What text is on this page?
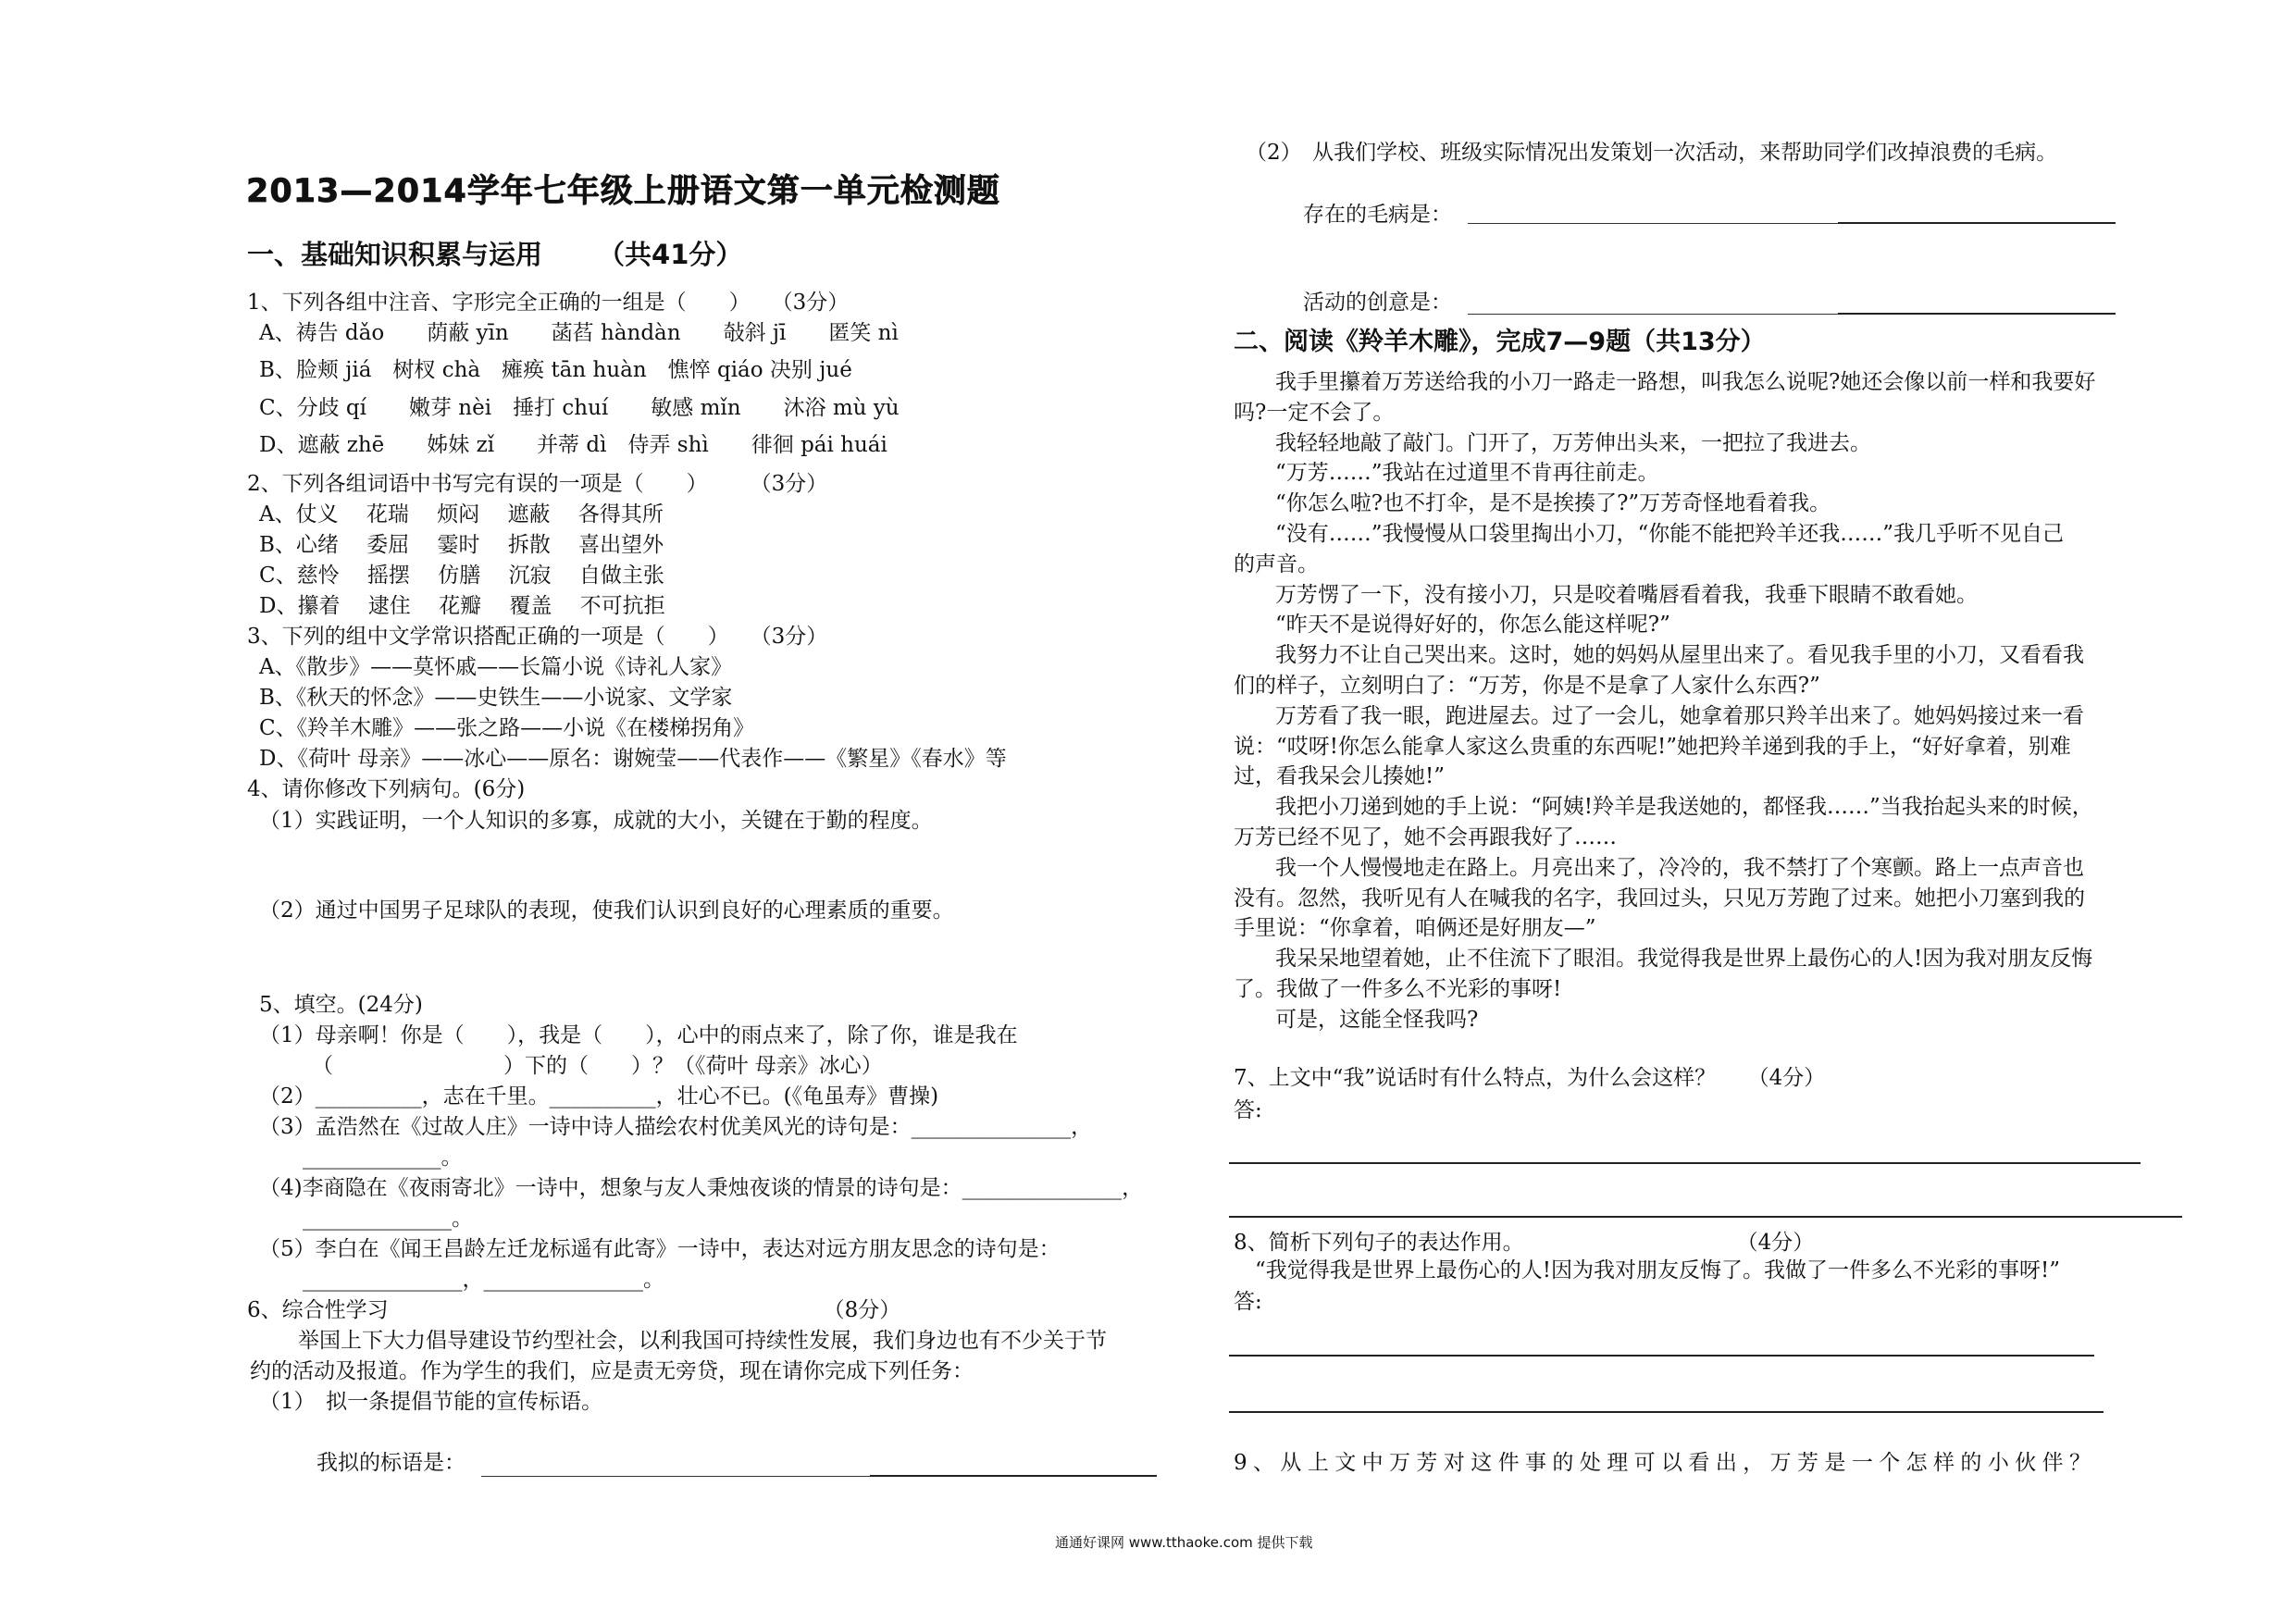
2013—2014学年七年级上册语文第一单元检测题
一、基础知识积累与运用 （共41分）
1、下列各组中注音、字形完全正确的一组是（　　）　　（3分）
A、祷告 dǎo　　荫蔽 yīn　　菡萏 hàndàn　　敧斜 jī　　匿笑 nì
B、脸颊 jiá　树杈 chà　瘫痪 tān huàn　憔悴 qiáo 决别 jué
C、分歧 qí　　嫩芽 nèi　捶打 chuí　　敏感 mǐn　　沐浴 mù yù
D、遮蔽 zhē　　姊妹 zǐ　　并蒂 dì　侍弄 shì　　徘徊 pái huái
2、下列各组词语中书写完有误的一项是（　　）　　　（3分）
A、仗义　 花瑞　 烦闷　 遮蔽　 各得其所
B、心绪　 委屈　 霎时　 拆散　 喜出望外
C、慈怜　 摇摆　 仿膳　 沉寂　 自做主张
D、攥着　 逮住　 花瓣　 覆盖　 不可抗拒
3、下列的组中文学常识搭配正确的一项是（　　）　　（3分）
A、《散步》——莫怀戚——长篇小说《诗礼人家》
B、《秋天的怀念》——史铁生——小说家、文学家
C、《羚羊木雕》——张之路——小说《在楼梯拐角》
D、《荷叶 母亲》——冰心——原名：谢婉莹——代表作——《繁星》《春水》等
4、请你修改下列病句。(6分)
（1）实践证明，一个人知识的多寡，成就的大小，关键在于勤的程度。
（2）通过中国男子足球队的表现，使我们认识到良好的心理素质的重要。
5、填空。(24分)
（1）母亲啊！你是（　　），我是（　　），心中的雨点来了，除了你，谁是我在
（　　　　　　　　）下的（　　）？（《荷叶 母亲》冰心）
（2）__________，志在千里。__________，壮心不已。(《龟虽寿》曹操)
（3）孟浩然在《过故人庄》一诗中诗人描绘农村优美风光的诗句是：_______________，
_____________。
（4)李商隐在《夜雨寄北》一诗中，想象与友人秉烛夜谈的情景的诗句是：_______________，
______________。
（5）李白在《闻王昌龄左迁龙标遥有此寄》一诗中，表达对远方朋友思念的诗句是：
_______________，_______________。
6、综合性学习	（8分）
举国上下大力倡导建设节约型社会，以利我国可持续性发展，我们身边也有不少关于节
约的活动及报道。作为学生的我们，应是责无旁贷，现在请你完成下列任务：
（1）　拟一条提倡节能的宣传标语。
我拟的标语是：
（2）　从我们学校、班级实际情况出发策划一次活动，来帮助同学们改掉浪费的毛病。
存在的毛病是：
活动的创意是：
二、阅读《羚羊木雕》，完成7—9题（共13分）
我手里攥着万芳送给我的小刀一路走一路想，叫我怎么说呢?她还会像以前一样和我要好
吗?一定不会了。
我轻轻地敲了敲门。门开了，万芳伸出头来，一把拉了我进去。
“万芳……”我站在过道里不肯再往前走。
“你怎么啦?也不打伞，是不是挨揍了?”万芳奇怪地看着我。
“没有……”我慢慢从口袋里掏出小刀，“你能不能把羚羊还我……”我几乎听不见自己
的声音。
万芳愣了一下，没有接小刀，只是咬着嘴唇看着我，我垂下眼睛不敢看她。
“昨天不是说得好好的，你怎么能这样呢?”
我努力不让自己哭出来。这时，她的妈妈从屋里出来了。看见我手里的小刀，又看看我
们的样子，立刻明白了：“万芳，你是不是拿了人家什么东西?”
万芳看了我一眼，跑进屋去。过了一会儿，她拿着那只羚羊出来了。她妈妈接过来一看
说：“哎呀!你怎么能拿人家这么贵重的东西呢!”她把羚羊递到我的手上，“好好拿着，别难
过，看我呆会儿揍她!”
我把小刀递到她的手上说：“阿姨!羚羊是我送她的，都怪我……”当我抬起头来的时候，
万芳已经不见了，她不会再跟我好了……
我一个人慢慢地走在路上。月亮出来了，冷冷的，我不禁打了个寒颤。路上一点声音也
没有。忽然，我听见有人在喊我的名字，我回过头，只见万芳跑了过来。她把小刀塞到我的
手里说：“你拿着，咱俩还是好朋友—”
我呆呆地望着她，止不住流下了眼泪。我觉得我是世界上最伤心的人!因为我对朋友反悔
了。我做了一件多么不光彩的事呀!
可是，这能全怪我吗?
7、上文中“我”说话时有什么特点，为什么会这样？　　（4分）
答:
8、简析下列句子的表达作用。　　　　　　　　　　　（4分）
“我觉得我是世界上最伤心的人!因为我对朋友反悔了。我做了一件多么不光彩的事呀!”
答:
9、从上文中万芳对这件事的处理可以看出，万芳是一个怎样的小伙伴？
通通好课网 www.tthaoke.com 提供下载
